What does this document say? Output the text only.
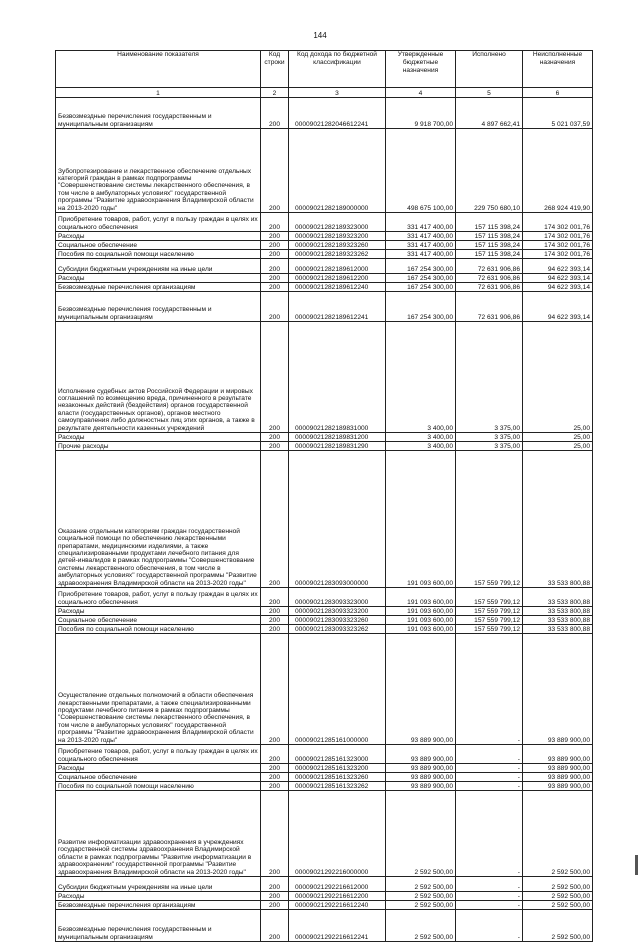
144
Наименование показателя	Код строки	Код дохода по бюджетной классификации	Утвержденные бюджетные назначения	Исполнено	Неисполненные назначения
1	2	3	4	5	6
Безвозмездные перечисления государственным и муниципальным организациям	200	00009021282046612241	9 918 700,00	4 897 662,41	5 021 037,59
Зубопротезирование и лекарственное обеспечение отдельных категорий граждан в рамках подпрограммы "Совершенствование системы лекарственного обеспечения, в том числе в амбулаторных условиях" государственной программы "Развитие здравоохранения Владимирской области на 2013-2020 годы"	200	00009021282189000000	498 675 100,00	229 750 680,10	268 924 419,90
Приобретение товаров, работ, услуг в пользу граждан в целях их социального обеспечения	200	00009021282189323000	331 417 400,00	157 115 398,24	174 302 001,76
Расходы	200	00009021282189323200	331 417 400,00	157 115 398,24	174 302 001,76
Социальное обеспечение	200	00009021282189323260	331 417 400,00	157 115 398,24	174 302 001,76
Пособия по социальной помощи населению	200	00009021282189323262	331 417 400,00	157 115 398,24	174 302 001,76
Субсидии бюджетным учреждениям на иные цели	200	00009021282189612000	167 254 300,00	72 631 906,86	94 622 393,14
Расходы	200	00009021282189612200	167 254 300,00	72 631 906,86	94 622 393,14
Безвозмездные перечисления организациям	200	00009021282189612240	167 254 300,00	72 631 906,86	94 622 393,14
Безвозмездные перечисления государственным и муниципальным организациям	200	00009021282189612241	167 254 300,00	72 631 906,86	94 622 393,14
Исполнение судебных актов Российской Федерации и мировых соглашений по возмещению вреда, причиненного в результате незаконных действий (бездействия) органов государственной власти (государственных органов), органов местного самоуправления либо должностных лиц этих органов, а также в результате деятельности казенных учреждений	200	00009021282189831000	3 400,00	3 375,00	25,00
Расходы	200	00009021282189831200	3 400,00	3 375,00	25,00
Прочие расходы	200	00009021282189831290	3 400,00	3 375,00	25,00
Оказание отдельным категориям граждан государственной социальной помощи по обеспечению лекарственными препаратами, медицинскими изделиями, а также специализированными продуктами лечебного питания для детей-инвалидов в рамках подпрограммы "Совершенствование системы лекарственного обеспечения, в том числе в амбулаторных условиях" государственной программы "Развитие здравоохранения Владимирской области на 2013-2020 годы"	200	00009021283093000000	191 093 600,00	157 559 799,12	33 533 800,88
Приобретение товаров, работ, услуг в пользу граждан в целях их социального обеспечения	200	00009021283093323000	191 093 600,00	157 559 799,12	33 533 800,88
Расходы	200	00009021283093323200	191 093 600,00	157 559 799,12	33 533 800,88
Социальное обеспечение	200	00009021283093323260	191 093 600,00	157 559 799,12	33 533 800,88
Пособия по социальной помощи населению	200	00009021283093323262	191 093 600,00	157 559 799,12	33 533 800,88
Осуществление отдельных полномочий в области обеспечения лекарственными препаратами, а также специализированными продуктами лечебного питания в рамках подпрограммы "Совершенствование системы лекарственного обеспечения, в том числе в амбулаторных условиях" государственной программы "Развитие здравоохранения Владимирской области на 2013-2020 годы"	200	00009021285161000000	93 889 900,00	-	93 889 900,00
Приобретение товаров, работ, услуг в пользу граждан в целях их социального обеспечения	200	00009021285161323000	93 889 900,00	-	93 889 900,00
Расходы	200	00009021285161323200	93 889 900,00	-	93 889 900,00
Социальное обеспечение	200	00009021285161323260	93 889 900,00	-	93 889 900,00
Пособия по социальной помощи населению	200	00009021285161323262	93 889 900,00	-	93 889 900,00
Развитие информатизации здравоохранения в учреждениях государственной системы здравоохранения Владимирской области в рамках подпрограммы "Развитие информатизации в здравоохранении" государственной программы "Развитие здравоохранения Владимирской области на 2013-2020 годы"	200	00009021292216000000	2 592 500,00	-	2 592 500,00
Субсидии бюджетным учреждениям на иные цели	200	00009021292216612000	2 592 500,00	-	2 592 500,00
Расходы	200	00009021292216612200	2 592 500,00	-	2 592 500,00
Безвозмездные перечисления организациям	200	00009021292216612240	2 592 500,00	-	2 592 500,00
Безвозмездные перечисления государственным и муниципальным организациям	200	00009021292216612241	2 592 500,00	-	2 592 500,00
